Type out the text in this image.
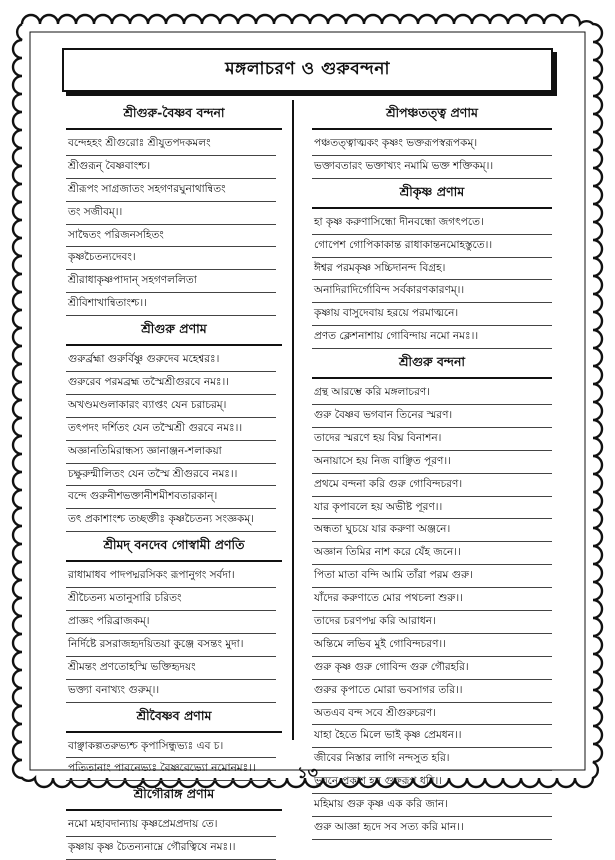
মঙ্গলাচরণ ও গুরুবন্দনা
শ্রীগুরু-বৈষ্ণব বন্দনা
বন্দেহহং শ্রীগুরোঃ শ্রীযুতপদকমলং
শ্রীগুরূন্ বৈষ্ণবাংশ্চ।
শ্রীরূপং সাগ্রজাতং সহগণরঘুনাথান্বিতং
তং সজীবম্।।
সাদ্বৈতং পরিজনসহিতং
কৃষ্ণচৈতন্যদেবং।
শ্রীরাধাকৃষ্ণপাদান্ সহগণললিতা
শ্রীবিশাখান্বিতাংশ্চ।।
শ্রীগুরু প্রণাম
গুরুর্ব্রহ্মা গুরুর্বিষ্ণু গুরুদেব মহেশ্বরঃ।
গুরুরেব পরমব্রহ্ম তস্মৈশ্রীগুরবে নমঃ।।
অখণ্ডমণ্ডলাকারং ব্যাপ্তং যেন চরাচরম্।
তৎপদং দর্শিতং যেন তস্মৈশ্রী গুরবে নমঃ।।
অজ্ঞানতিমিরান্ধস্য জ্ঞানাঞ্জন-শলাকয়া
চক্ষুরুন্মীলিতং যেন তস্মৈ শ্রীগুরবে নমঃ।।
বন্দে গুরুনীশভক্তানীশমীশবতারকান্।
তৎ প্রকাশাংশ্চ তচ্ছক্তীঃ কৃষ্ণচৈতন্য সংজ্ঞকম্।
শ্রীমদ্ বনদেব গোস্বামী প্রণতি
রাধামাধব পাদপদ্মরসিকং রূপানুগং সর্বদা।
শ্রীচৈতন্য মতানুসারি চরিতং
প্রাজ্ঞং পরিব্রাজকম্।
নির্দিষ্টে রসরাজহৃদয়িতয়া কুঞ্জে বসন্তং মুদা।
শ্রীমন্তং প্রণতোহস্মি ভক্তিহৃদয়ং
ভক্ত্যা বনাখ্যং গুরুম্।।
শ্রীবৈষ্ণব প্রণাম
বাঞ্ছাকল্পতরুভ্যশ্চ কৃপাসিন্ধুভ্যঃ এব চ।
পতিতানাং পাবনেভ্যঃ বৈষ্ণবেভ্যো নমোনমঃ।।
শ্রীগৌরাঙ্গ প্রণাম
নমো মহাবদান্যায় কৃষ্ণপ্রেমপ্রদায় তে।
কৃষ্ণায় কৃষ্ণ চৈতন্যনাম্নে গৌরত্বিষে নমঃ।।
শ্রীপঞ্চতত্ত্ব প্রণাম
পঞ্চতত্ত্বাত্মকং কৃষ্ণং ভক্তরূপস্বরূপকম্।
ভক্তাবতারং ভক্তাখ্যং নমামি ভক্ত শক্তিকম্।।
শ্রীকৃষ্ণ প্রণাম
হা কৃষ্ণ করুণাসিন্ধো দীনবন্ধো জগৎপতে।
গোপেশ গোপিকাকান্ত রাধাকান্তনমোহস্তুতে।।
ঈশ্বর পরমকৃষ্ণ সচ্চিদানন্দ বিগ্রহ।
অনাদিরাদির্গোবিন্দ সর্বকারণকারণম্।।
কৃষ্ণায় বাসুদেবায় হরয়ে পরমাত্মনে।
প্রণত ক্লেশনাশায় গোবিন্দায় নমো নমঃ।।
শ্রীগুরু বন্দনা
গ্রন্থ আরম্ভে করি মঙ্গলাচরণ।
গুরু বৈষ্ণব ভগবান তিনের স্মরণ।
তাদের স্মরণে হয় বিঘ্ন বিনাশন।
অনায়াসে হয় নিজ বাঞ্ছিত পূরণ।।
প্রথমে বন্দনা করি গুরু গোবিন্দচরণ।
যার কৃপাবলে হয় অভীষ্ট পূরণ।।
অন্ধতা ঘুচয়ে যার করুণা অঞ্জনে।
অজ্ঞান তিমির নাশ করে যেঁহ জনে।।
পিতা মাতা বন্দি আমি তাঁরা পরম গুরু।
যাঁদের করুণাতে মোর পথচলা শুরু।।
তাদের চরণপদ্ম করি আরাধন।
অন্তিমে লভিব মুই গোবিন্দচরণ।।
গুরু কৃষ্ণ গুরু গোবিন্দ গুরু গৌরহরি।
গুরুর কৃপাতে মোরা ভবসাগর তরি।।
অতএব বন্দ সবে শ্রীগুরুচরণ।
যাহা হৈতে মিলে ভাই কৃষ্ণ প্রেমধন।।
জীবের নিস্তার লাগি নন্দসুত হরি।
ভুবনে প্রকাশ হন গুরুরূপ ধরি।।
মহিমায় গুরু কৃষ্ণ এক করি জান।
গুরু আজ্ঞা হৃদে সব সত্য করি মান।।
১৩
